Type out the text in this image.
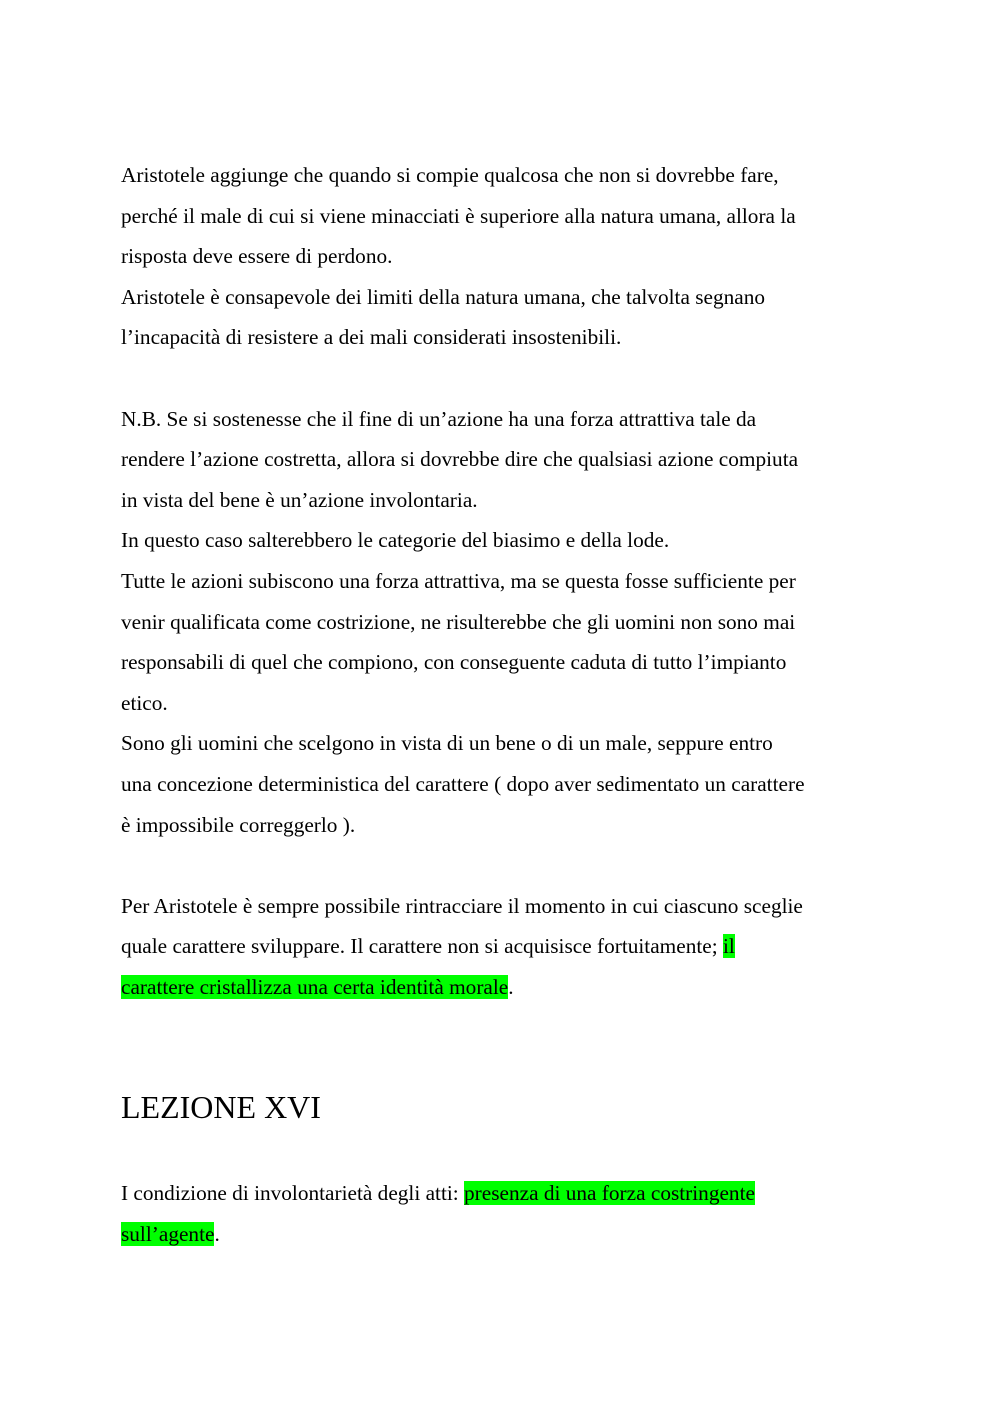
Aristotele aggiunge che quando si compie qualcosa che non si dovrebbe fare,
perché il male di cui si viene minacciati è superiore alla natura umana, allora la
risposta deve essere di perdono.
Aristotele è consapevole dei limiti della natura umana, che talvolta segnano
l’incapacità di resistere a dei mali considerati insostenibili.
N.B. Se si sostenesse che il fine di un’azione ha una forza attrattiva tale da
rendere l’azione costretta, allora si dovrebbe dire che qualsiasi azione compiuta
in vista del bene è un’azione involontaria.
In questo caso salterebbero le categorie del biasimo e della lode.
Tutte le azioni subiscono una forza attrattiva, ma se questa fosse sufficiente per
venir qualificata come costrizione, ne risulterebbe che gli uomini non sono mai
responsabili di quel che compiono, con conseguente caduta di tutto l’impianto
etico.
Sono gli uomini che scelgono in vista di un bene o di un male, seppure entro
una concezione deterministica del carattere ( dopo aver sedimentato un carattere
è impossibile correggerlo ).
Per Aristotele è sempre possibile rintracciare il momento in cui ciascuno sceglie
quale carattere sviluppare. Il carattere non si acquisisce fortuitamente; il
carattere cristallizza una certa identità morale.
LEZIONE XVI
I condizione di involontarietà degli atti: presenza di una forza costringente
sull’agente.
